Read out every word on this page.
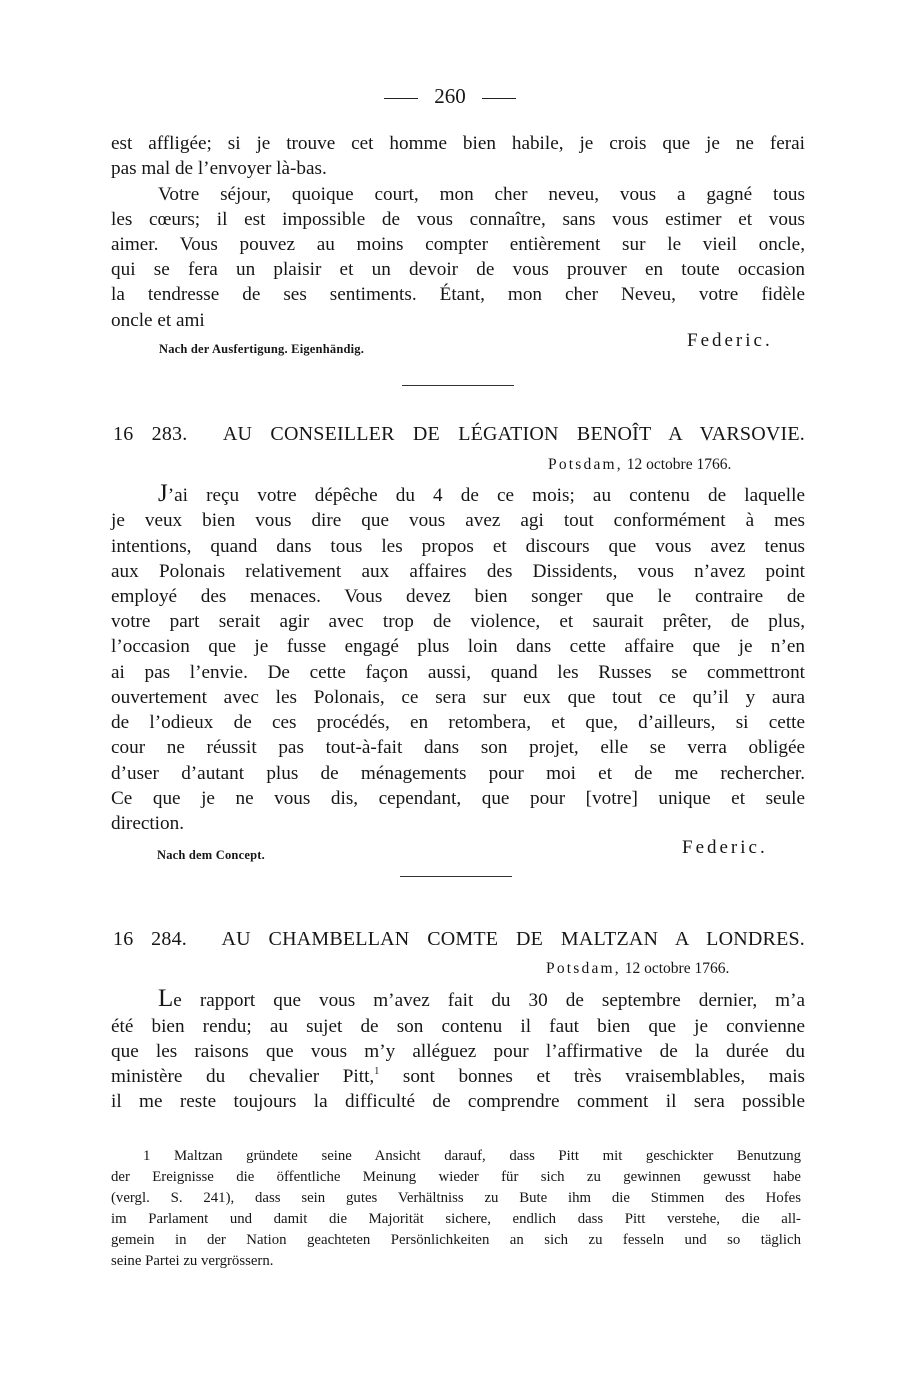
260
est affligée; si je trouve cet homme bien habile, je crois que je ne ferai
pas mal de l’envoyer là-bas.
Votre séjour, quoique court, mon cher neveu, vous a gagné tous
les cœurs; il est impossible de vous connaître, sans vous estimer et vous
aimer. Vous pouvez au moins compter entièrement sur le vieil oncle,
qui se fera un plaisir et un devoir de vous prouver en toute occasion
la tendresse de ses sentiments. Étant, mon cher Neveu, votre fidèle
oncle et ami
Nach der Ausfertigung. Eigenhändig.	Federic.
16 283. AU CONSEILLER DE LÉGATION BENOÎT A VARSOVIE.
Potsdam, 12 octobre 1766.
J’ai reçu votre dépêche du 4 de ce mois; au contenu de laquelle
je veux bien vous dire que vous avez agi tout conformément à mes
intentions, quand dans tous les propos et discours que vous avez tenus
aux Polonais relativement aux affaires des Dissidents, vous n’avez point
employé des menaces. Vous devez bien songer que le contraire de
votre part serait agir avec trop de violence, et saurait prêter, de plus,
l’occasion que je fusse engagé plus loin dans cette affaire que je n’en
ai pas l’envie. De cette façon aussi, quand les Russes se commettront
ouvertement avec les Polonais, ce sera sur eux que tout ce qu’il y aura
de l’odieux de ces procédés, en retombera, et que, d’ailleurs, si cette
cour ne réussit pas tout-à-fait dans son projet, elle se verra obligée
d’user d’autant plus de ménagements pour moi et de me rechercher.
Ce que je ne vous dis, cependant, que pour [votre] unique et seule
direction.
Nach dem Concept.	Federic.
16 284. AU CHAMBELLAN COMTE DE MALTZAN A LONDRES.
Potsdam, 12 octobre 1766.
Le rapport que vous m’avez fait du 30 de septembre dernier, m’a
été bien rendu; au sujet de son contenu il faut bien que je convienne
que les raisons que vous m’y alléguez pour l’affirmative de la durée du
ministère du chevalier Pitt,$^1$ sont bonnes et très vraisemblables, mais
il me reste toujours la difficulté de comprendre comment il sera possible
1 Maltzan gründete seine Ansicht darauf, dass Pitt mit geschickter Benutzung
der Ereignisse die öffentliche Meinung wieder für sich zu gewinnen gewusst habe
(vergl. S. 241), dass sein gutes Verhältniss zu Bute ihm die Stimmen des Hofes
im Parlament und damit die Majorität sichere, endlich dass Pitt verstehe, die all-
gemein in der Nation geachteten Persönlichkeiten an sich zu fesseln und so täglich
seine Partei zu vergrössern.
